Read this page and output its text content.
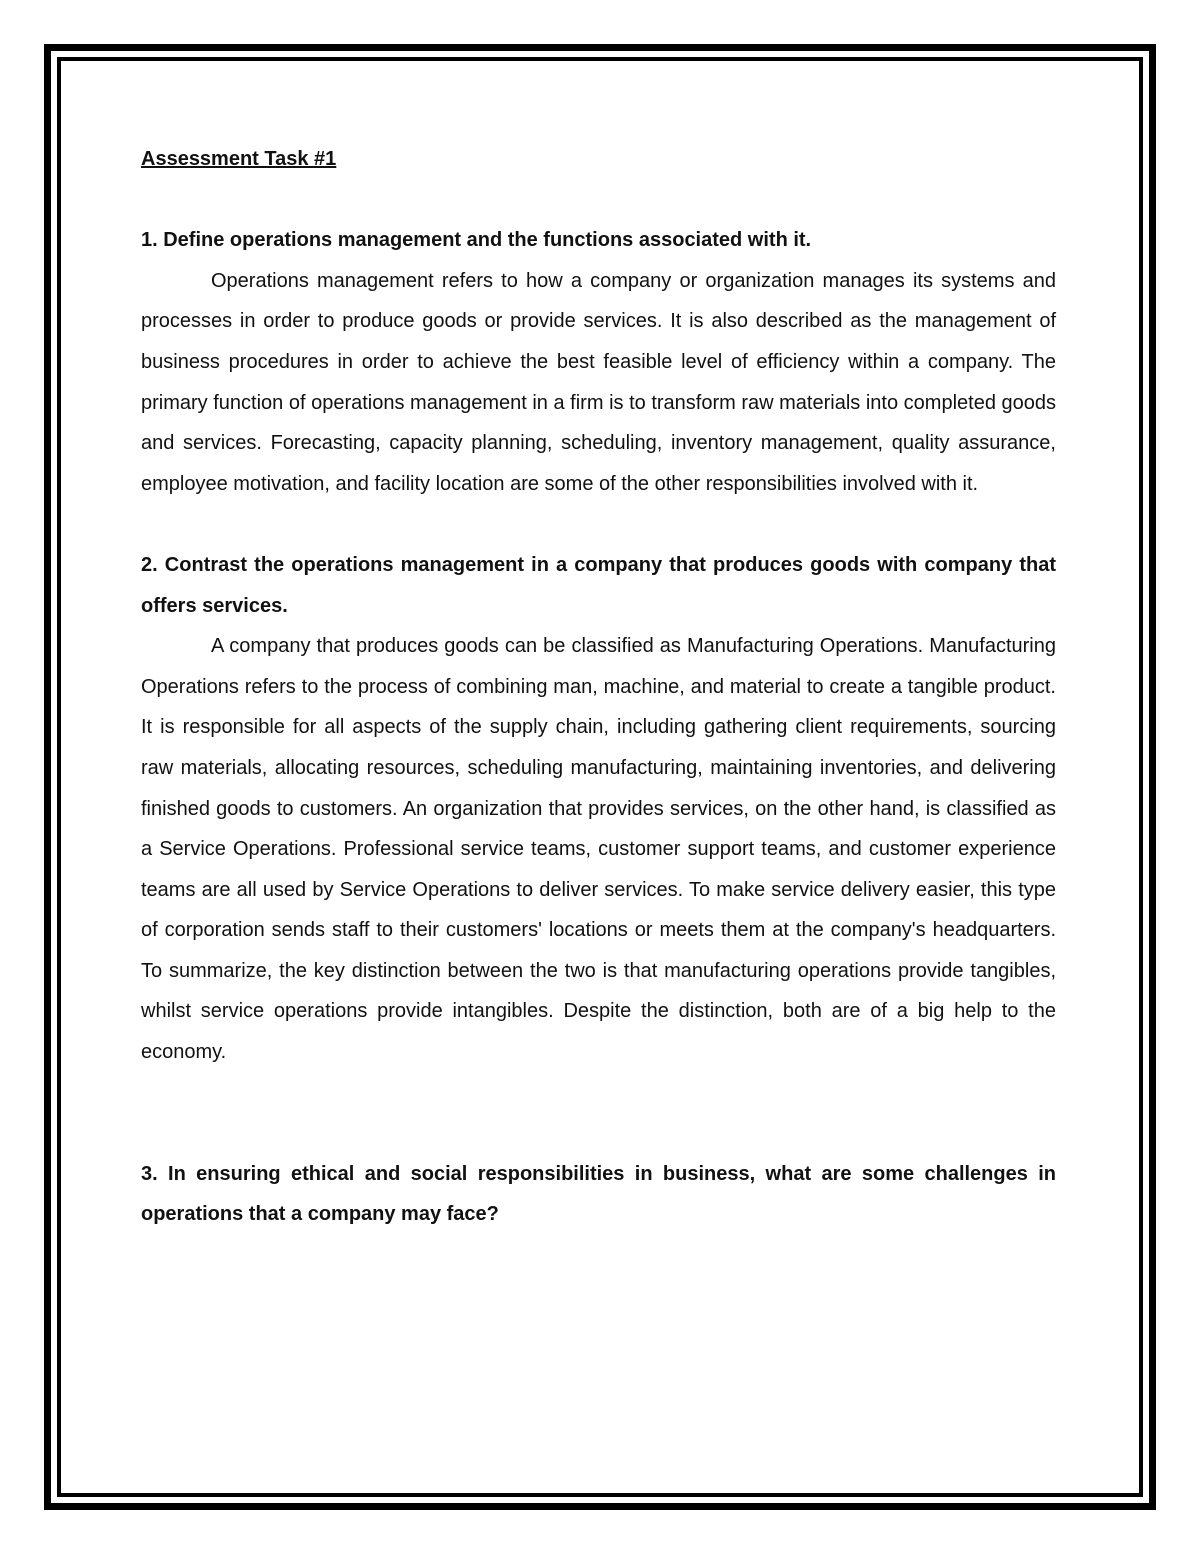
Assessment Task #1

1. Define operations management and the functions associated with it.

Operations management refers to how a company or organization manages its systems and processes in order to produce goods or provide services. It is also described as the management of business procedures in order to achieve the best feasible level of efficiency within a company. The primary function of operations management in a firm is to transform raw materials into completed goods and services. Forecasting, capacity planning, scheduling, inventory management, quality assurance, employee motivation, and facility location are some of the other responsibilities involved with it.

2. Contrast the operations management in a company that produces goods with company that offers services.

A company that produces goods can be classified as Manufacturing Operations. Manufacturing Operations refers to the process of combining man, machine, and material to create a tangible product. It is responsible for all aspects of the supply chain, including gathering client requirements, sourcing raw materials, allocating resources, scheduling manufacturing, maintaining inventories, and delivering finished goods to customers. An organization that provides services, on the other hand, is classified as a Service Operations. Professional service teams, customer support teams, and customer experience teams are all used by Service Operations to deliver services. To make service delivery easier, this type of corporation sends staff to their customers' locations or meets them at the company's headquarters. To summarize, the key distinction between the two is that manufacturing operations provide tangibles, whilst service operations provide intangibles. Despite the distinction, both are of a big help to the economy.

3. In ensuring ethical and social responsibilities in business, what are some challenges in operations that a company may face?
